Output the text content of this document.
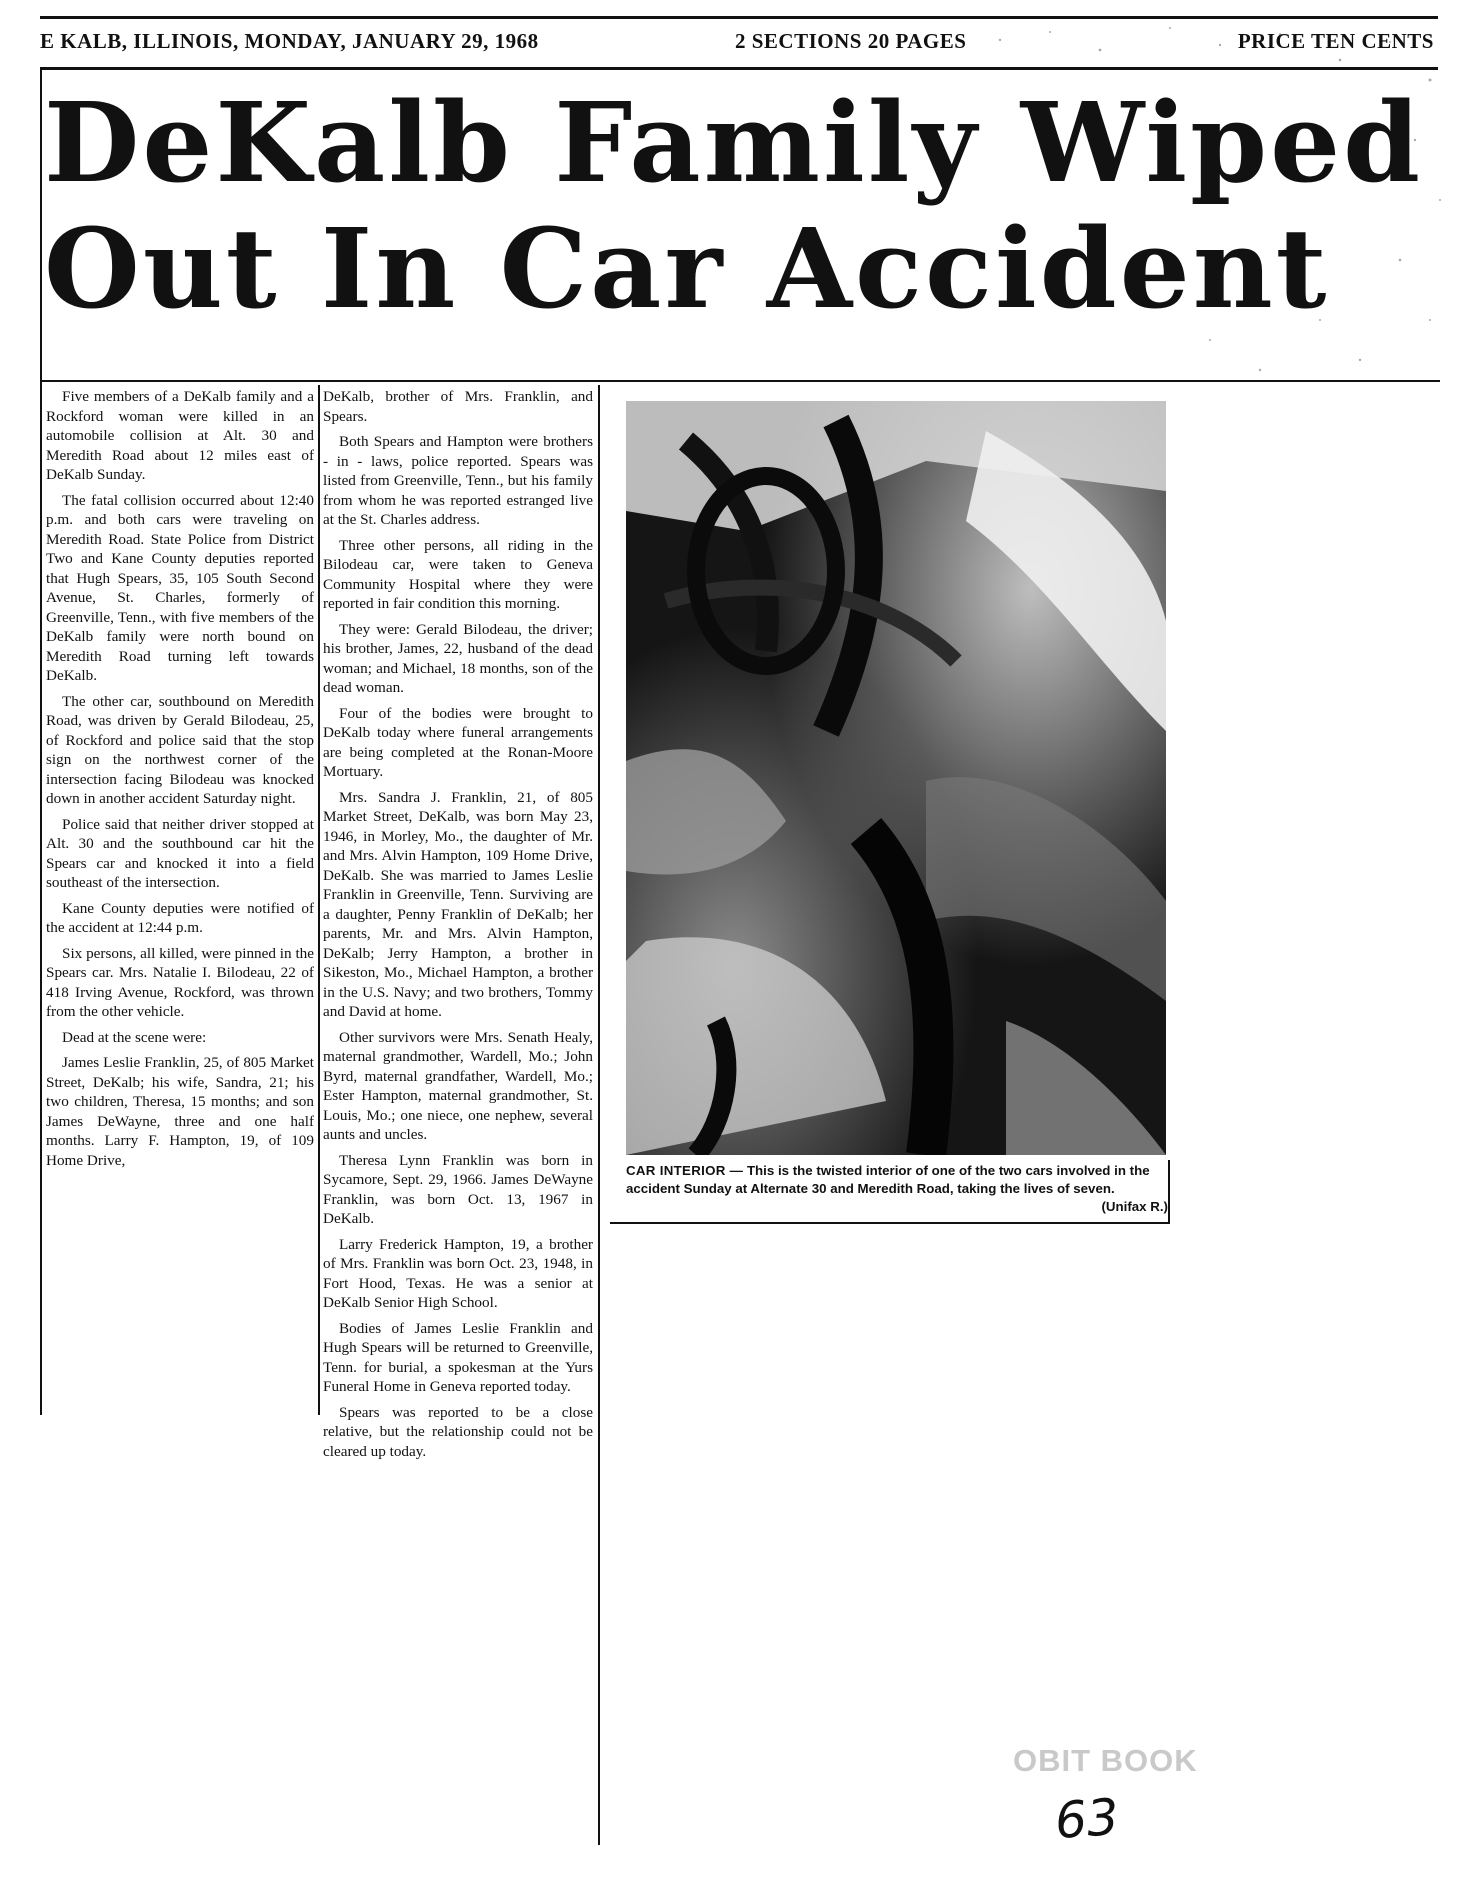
E KALB, ILLINOIS, MONDAY, JANUARY 29, 1968	2 SECTIONS 20 PAGES	PRICE TEN CENTS
DeKalb Family Wiped
Out In Car Accident

Five members of a DeKalb family and a Rockford woman were killed in an automobile collision at Alt. 30 and Meredith Road about 12 miles east of DeKalb Sunday.

The fatal collision occurred about 12:40 p.m. and both cars were traveling on Meredith Road. State Police from District Two and Kane County deputies reported that Hugh Spears, 35, 105 South Second Avenue, St. Charles, formerly of Greenville, Tenn., with five members of the DeKalb family were north bound on Meredith Road turning left towards DeKalb.

The other car, southbound on Meredith Road, was driven by Gerald Bilodeau, 25, of Rockford and police said that the stop sign on the northwest corner of the intersection facing Bilodeau was knocked down in another accident Saturday night.

Police said that neither driver stopped at Alt. 30 and the southbound car hit the Spears car and knocked it into a field southeast of the intersection.

Kane County deputies were notified of the accident at 12:44 p.m.

Six persons, all killed, were pinned in the Spears car. Mrs. Natalie I. Bilodeau, 22 of 418 Irving Avenue, Rockford, was thrown from the other vehicle.

Dead at the scene were:

James Leslie Franklin, 25, of 805 Market Street, DeKalb; his wife, Sandra, 21; his two children, Theresa, 15 months; and son James DeWayne, three and one half months. Larry F. Hampton, 19, of 109 Home Drive,

DeKalb, brother of Mrs. Franklin, and Spears.

Both Spears and Hampton were brothers - in - laws, police reported. Spears was listed from Greenville, Tenn., but his family from whom he was reported estranged live at the St. Charles address.

Three other persons, all riding in the Bilodeau car, were taken to Geneva Community Hospital where they were reported in fair condition this morning.

They were: Gerald Bilodeau, the driver; his brother, James, 22, husband of the dead woman; and Michael, 18 months, son of the dead woman.

Four of the bodies were brought to DeKalb today where funeral arrangements are being completed at the Ronan-Moore Mortuary.

Mrs. Sandra J. Franklin, 21, of 805 Market Street, DeKalb, was born May 23, 1946, in Morley, Mo., the daughter of Mr. and Mrs. Alvin Hampton, 109 Home Drive, DeKalb. She was married to James Leslie Franklin in Greenville, Tenn. Surviving are a daughter, Penny Franklin of DeKalb; her parents, Mr. and Mrs. Alvin Hampton, DeKalb; Jerry Hampton, a brother in Sikeston, Mo., Michael Hampton, a brother in the U.S. Navy; and two brothers, Tommy and David at home.

Other survivors were Mrs. Senath Healy, maternal grandmother, Wardell, Mo.; John Byrd, maternal grandfather, Wardell, Mo.; Ester Hampton, maternal grandmother, St. Louis, Mo.; one niece, one nephew, several aunts and uncles.

Theresa Lynn Franklin was born in Sycamore, Sept. 29, 1966. James DeWayne Franklin, was born Oct. 13, 1967 in DeKalb.

Larry Frederick Hampton, 19, a brother of Mrs. Franklin was born Oct. 23, 1948, in Fort Hood, Texas. He was a senior at DeKalb Senior High School.

Bodies of James Leslie Franklin and Hugh Spears will be returned to Greenville, Tenn. for burial, a spokesman at the Yurs Funeral Home in Geneva reported today.

Spears was reported to be a close relative, but the relationship could not be cleared up today.

CAR INTERIOR — This is the twisted interior of one of the two cars involved in the accident Sunday at Alternate 30 and Meredith Road, taking the lives of seven.
(Unifax R.)
OBIT BOOK
63
